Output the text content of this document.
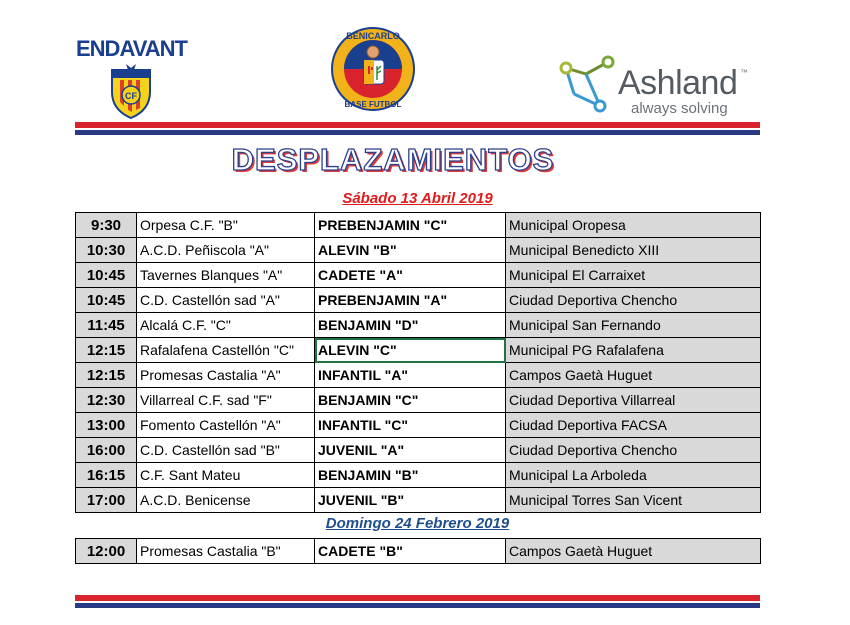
ENDAVANT
CF
BENICARLO
BASE FUTBOL
Ashland ™
always solving
DESPLAZAMIENTOS
Sábado 13 Abril 2019
9:30	Orpesa C.F. "B"	PREBENJAMIN "C"	Municipal Oropesa
10:30	A.C.D. Peñiscola "A"	ALEVIN "B"	Municipal Benedicto XIII
10:45	Tavernes Blanques "A"	CADETE "A"	Municipal El Carraixet
10:45	C.D. Castellón sad "A"	PREBENJAMIN "A"	Ciudad Deportiva Chencho
11:45	Alcalá C.F. "C"	BENJAMIN "D"	Municipal San Fernando
12:15	Rafalafena Castellón "C"	ALEVIN "C"	Municipal PG Rafalafena
12:15	Promesas Castalia "A"	INFANTIL "A"	Campos Gaetà Huguet
12:30	Villarreal C.F. sad "F"	BENJAMIN "C"	Ciudad Deportiva Villarreal
13:00	Fomento Castellón "A"	INFANTIL "C"	Ciudad Deportiva FACSA
16:00	C.D. Castellón sad "B"	JUVENIL "A"	Ciudad Deportiva Chencho
16:15	C.F. Sant Mateu	BENJAMIN "B"	Municipal La Arboleda
17:00	A.C.D. Benicense	JUVENIL "B"	Municipal Torres San Vicent
Domingo 24 Febrero 2019
12:00	Promesas Castalia "B"	CADETE "B"	Campos Gaetà Huguet
